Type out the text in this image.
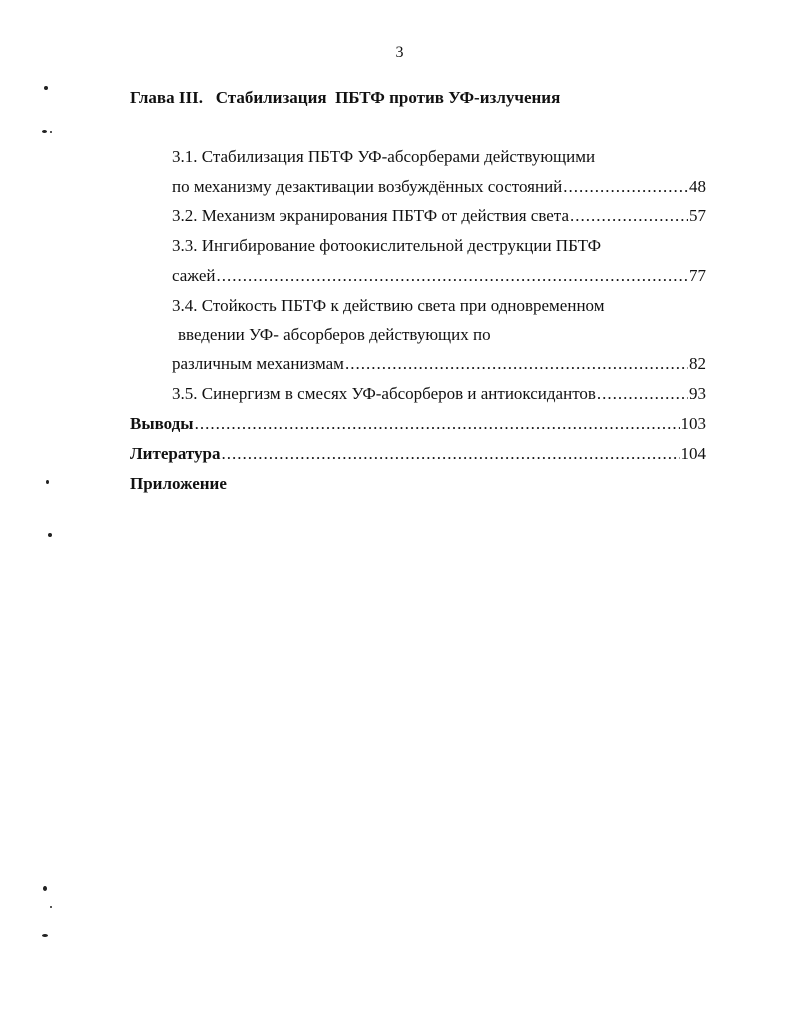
3
Глава III.   Стабилизация  ПБТФ против УФ-излучения
3.1. Стабилизация ПБТФ УФ-абсорберами действующими
по механизму дезактивации возбуждённых состояний .....	48
3.2. Механизм экранирования ПБТФ от действия света .....	57
3.3. Ингибирование фотоокислительной деструкции ПБТФ
сажей .....	77
3.4. Стойкость ПБТФ к действию света при одновременном
введении УФ- абсорберов действующих по
различным механизмам .....	82
3.5. Синергизм в смесях УФ-абсорберов и антиоксидантов .....	93
Выводы .....	103
Литература .....	104
Приложение
